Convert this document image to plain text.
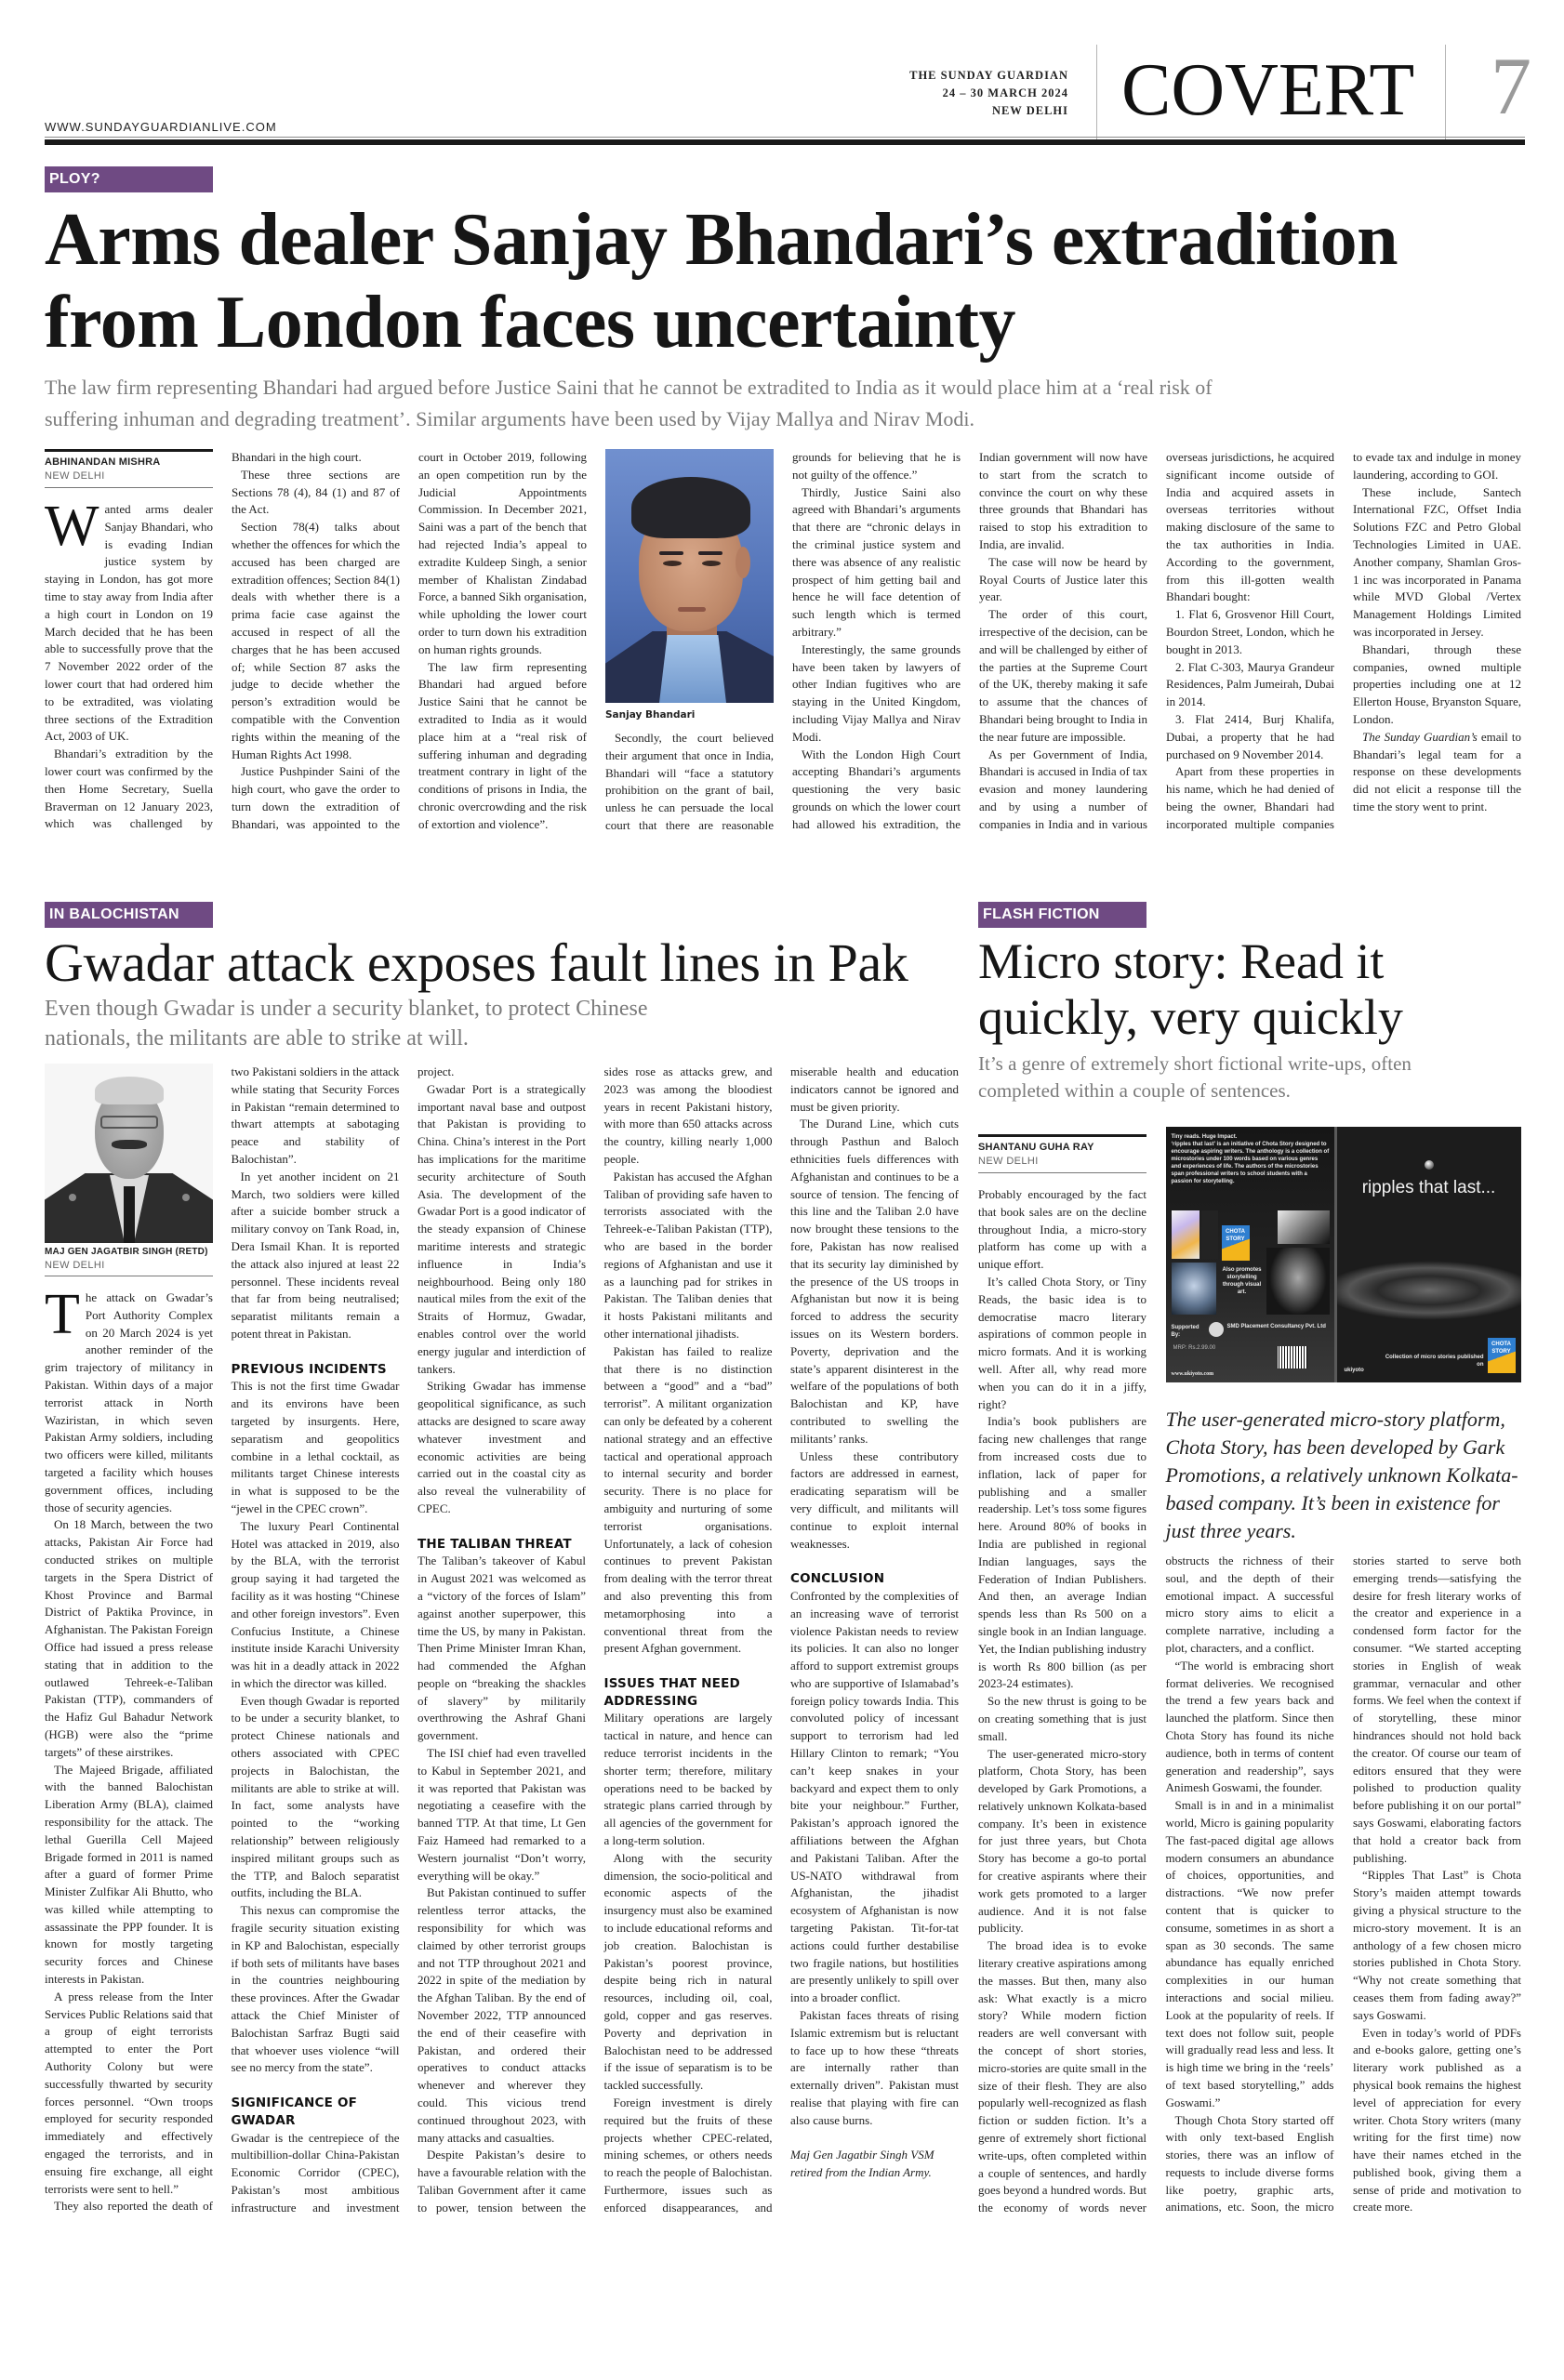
WWW.SUNDAYGUARDIANLIVE.COM
THE SUNDAY GUARDIAN
24 – 30 MARCH 2024
NEW DELHI COVERT 7
PLOY?
Arms dealer Sanjay Bhandari’s extradition
from London faces uncertainty
The law firm representing Bhandari had argued before Justice Saini that he cannot be extradited to India as it would place him at a ‘real risk of suffering inhuman and degrading treatment’. Similar arguments have been used by Vijay Mallya and Nirav Modi.
ABHINANDAN MISHRA
NEW DELHI

Wanted arms dealer Sanjay Bhandari, who is evading Indian justice system by staying in London, has got more time to stay away from India after a high court in London on 19 March decided that he has been able to successfully prove that the 7 November 2022 order of the lower court that had ordered him to be extradited, was violating three sections of the Extradition Act, 2003 of UK.

Bhandari’s extradition by the lower court was confirmed by the then Home Secretary, Suella Braverman on 12 January 2023, which was challenged by Bhandari in the high court.

These three sections are Sections 78 (4), 84 (1) and 87 of the Act.

Section 78(4) talks about whether the offences for which the accused has been charged are extradition offences; Section 84(1) deals with whether there is a prima facie case against the accused in respect of all the charges that he has been accused of; while Section 87 asks the judge to decide whether the person’s extradition would be compatible with the Convention rights within the meaning of the Human Rights Act 1998.

Justice Pushpinder Saini of the high court, who gave the order to turn down the extradition of Bhandari, was appointed to the court in October 2019, following an open competition run by the Judicial Appointments Commission. In December 2021, Saini was a part of the bench that had rejected India’s appeal to extradite Kuldeep Singh, a senior member of Khalistan Zindabad Force, a banned Sikh organisation, while upholding the lower court order to turn down his extradition on human rights grounds.

The law firm representing Bhandari had argued before Justice Saini that he cannot be extradited to India as it would place him at a “real risk of suffering inhuman and degrading treatment contrary in light of the conditions of prisons in India, the chronic overcrowding and the risk of extortion and violence”.

Secondly, the court believed their argument that once in India, Bhandari will “face a statutory prohibition on the grant of bail, unless he can persuade the local court that there are reasonable grounds for believing that he is not guilty of the offence.”

Thirdly, Justice Saini also agreed with Bhandari’s arguments that there are “chronic delays in the criminal justice system and there was absence of any realistic prospect of him getting bail and hence he will face detention of such length which is termed arbitrary.”

Interestingly, the same grounds have been taken by lawyers of other Indian fugitives who are staying in the United Kingdom, including Vijay Mallya and Nirav Modi.

With the London High Court accepting Bhandari’s arguments questioning the very basic grounds on which the lower court had allowed his extradition, the Indian government will now have to start from the scratch to convince the court on why these three grounds that Bhandari has raised to stop his extradition to India, are invalid.

The case will now be heard by Royal Courts of Justice later this year.

The order of this court, irrespective of the decision, can be and will be challenged by either of the parties at the Supreme Court of the UK, thereby making it safe to assume that the chances of Bhandari being brought to India in the near future are impossible.

As per Government of India, Bhandari is accused in India of tax evasion and money laundering and by using a number of companies in India and in various overseas jurisdictions, he acquired significant income outside of India and acquired assets in overseas territories without making disclosure of the same to the tax authorities in India. According to the government, from this ill-gotten wealth Bhandari bought:

1. Flat 6, Grosvenor Hill Court, Bourdon Street, London, which he bought in 2013.

2. Flat C-303, Maurya Grandeur Residences, Palm Jumeirah, Dubai in 2014.

3. Flat 2414, Burj Khalifa, Dubai, a property that he had purchased on 9 November 2014.

Apart from these properties in his name, which he had denied of being the owner, Bhandari had incorporated multiple companies to evade tax and indulge in money laundering, according to GOI.

These include, Santech International FZC, Offset India Solutions FZC and Petro Global Technologies Limited in UAE. Another company, Shamlan Gros-1 inc was incorporated in Panama while MVD Global /Vertex Management Holdings Limited was incorporated in Jersey.

Bhandari, through these companies, owned multiple properties including one at 12 Ellerton House, Bryanston Square, London.

The Sunday Guardian’s email to Bhandari’s legal team for a response on these developments did not elicit a response till the time the story went to print.

Sanjay Bhandari
IN BALOCHISTAN
Gwadar attack exposes fault lines in Pak
Even though Gwadar is under a security blanket, to protect Chinese nationals, the militants are able to strike at will.
MAJ GEN JAGATBIR SINGH (RETD)
NEW DELHI

The attack on Gwadar’s Port Authority Complex on 20 March 2024 is yet another reminder of the grim trajectory of militancy in Pakistan. Within days of a major terrorist attack in North Waziristan, in which seven Pakistan Army soldiers, including two officers were killed, militants targeted a facility which houses government offices, including those of security agencies.

On 18 March, between the two attacks, Pakistan Air Force had conducted strikes on multiple targets in the Spera District of Khost Province and Barmal District of Paktika Province, in Afghanistan. The Pakistan Foreign Office had issued a press release stating that in addition to the outlawed Tehreek-e-Taliban Pakistan (TTP), commanders of the Hafiz Gul Bahadur Network (HGB) were also the “prime targets” of these airstrikes.

The Majeed Brigade, affiliated with the banned Balochistan Liberation Army (BLA), claimed responsibility for the attack. The lethal Guerilla Cell Majeed Brigade formed in 2011 is named after a guard of former Prime Minister Zulfikar Ali Bhutto, who was killed while attempting to assassinate the PPP founder. It is known for mostly targeting security forces and Chinese interests in Pakistan.

A press release from the Inter Services Public Relations said that a group of eight terrorists attempted to enter the Port Authority Colony but were successfully thwarted by security forces personnel. “Own troops employed for security responded immediately and effectively engaged the terrorists, and in ensuing fire exchange, all eight terrorists were sent to hell.”

They also reported the death of two Pakistani soldiers in the attack while stating that Security Forces in Pakistan “remain determined to thwart attempts at sabotaging peace and stability of Balochistan”.

In yet another incident on 21 March, two soldiers were killed after a suicide bomber struck a military convoy on Tank Road, in, Dera Ismail Khan. It is reported the attack also injured at least 22 personnel. These incidents reveal that far from being neutralised; separatist militants remain a potent threat in Pakistan.

PREVIOUS INCIDENTS

This is not the first time Gwadar and its environs have been targeted by insurgents. Here, separatism and geopolitics combine in a lethal cocktail, as militants target Chinese interests in what is supposed to be the “jewel in the CPEC crown”.

The luxury Pearl Continental Hotel was attacked in 2019, also by the BLA, with the terrorist group saying it had targeted the facility as it was hosting “Chinese and other foreign investors”. Even Confucius Institute, a Chinese institute inside Karachi University was hit in a deadly attack in 2022 in which the director was killed.

Even though Gwadar is reported to be under a security blanket, to protect Chinese nationals and others associated with CPEC projects in Balochistan, the militants are able to strike at will. In fact, some analysts have pointed to the “working relationship” between religiously inspired militant groups such as the TTP, and Baloch separatist outfits, including the BLA.

This nexus can compromise the fragile security situation existing in KP and Balochistan, especially if both sets of militants have bases in the countries neighbouring these provinces. After the Gwadar attack the Chief Minister of Balochistan Sarfraz Bugti said that whoever uses violence “will see no mercy from the state”.

SIGNIFICANCE OF GWADAR

Gwadar is the centrepiece of the multibillion-dollar China-Pakistan Economic Corridor (CPEC), Pakistan’s most ambitious infrastructure and investment project.

Gwadar Port is a strategically important naval base and outpost that Pakistan is providing to China. China’s interest in the Port has implications for the maritime security architecture of South Asia. The development of the Gwadar Port is a good indicator of the steady expansion of Chinese maritime interests and strategic influence in India’s neighbourhood. Being only 180 nautical miles from the exit of the Straits of Hormuz, Gwadar, enables control over the world energy jugular and interdiction of tankers.

Striking Gwadar has immense geopolitical significance, as such attacks are designed to scare away whatever investment and economic activities are being carried out in the coastal city as also reveal the vulnerability of CPEC.

THE TALIBAN THREAT

The Taliban’s takeover of Kabul in August 2021 was welcomed as a “victory of the forces of Islam” against another superpower, this time the US, by many in Pakistan. Then Prime Minister Imran Khan, had commended the Afghan people on “breaking the shackles of slavery” by militarily overthrowing the Ashraf Ghani government.

The ISI chief had even travelled to Kabul in September 2021, and it was reported that Pakistan was negotiating a ceasefire with the banned TTP. At that time, Lt Gen Faiz Hameed had remarked to a Western journalist “Don’t worry, everything will be okay.”

But Pakistan continued to suffer relentless terror attacks, the responsibility for which was claimed by other terrorist groups and not TTP throughout 2021 and 2022 in spite of the mediation by the Afghan Taliban. By the end of November 2022, TTP announced the end of their ceasefire with Pakistan, and ordered their operatives to conduct attacks whenever and wherever they could. This vicious trend continued throughout 2023, with many attacks and casualties.

Despite Pakistan’s desire to have a favourable relation with the Taliban Government after it came to power, tension between the sides rose as attacks grew, and 2023 was among the bloodiest years in recent Pakistani history, with more than 650 attacks across the country, killing nearly 1,000 people.

Pakistan has accused the Afghan Taliban of providing safe haven to terrorists associated with the Tehreek-e-Taliban Pakistan (TTP), who are based in the border regions of Afghanistan and use it as a launching pad for strikes in Pakistan. The Taliban denies that it hosts Pakistani militants and other international jihadists.

Pakistan has failed to realize that there is no distinction between a “good” and a “bad” terrorist”. A militant organization can only be defeated by a coherent national strategy and an effective tactical and operational approach to internal security and border security. There is no place for ambiguity and nurturing of some terrorist organisations. Unfortunately, a lack of cohesion continues to prevent Pakistan from dealing with the terror threat and also preventing this from metamorphosing into a conventional threat from the present Afghan government.

ISSUES THAT NEED ADDRESSING

Military operations are largely tactical in nature, and hence can reduce terrorist incidents in the shorter term; therefore, military operations need to be backed by strategic plans carried through by all agencies of the government for a long-term solution.

Along with the security dimension, the socio-political and economic aspects of the insurgency must also be examined to include educational reforms and job creation. Balochistan is Pakistan’s poorest province, despite being rich in natural resources, including oil, coal, gold, copper and gas reserves. Poverty and deprivation in Balochistan need to be addressed if the issue of separatism is to be tackled successfully.

Foreign investment is direly required but the fruits of these projects whether CPEC-related, mining schemes, or others needs to reach the people of Balochistan. Furthermore, issues such as enforced disappearances, and miserable health and education indicators cannot be ignored and must be given priority.

The Durand Line, which cuts through Pasthun and Baloch ethnicities fuels differences with Afghanistan and continues to be a source of tension. The fencing of this line and the Taliban 2.0 have now brought these tensions to the fore, Pakistan has now realised that its security lay diminished by the presence of the US troops in Afghanistan but now it is being forced to address the security issues on its Western borders. Poverty, deprivation and the state’s apparent disinterest in the welfare of the populations of both Balochistan and KP, have contributed to swelling the militants’ ranks.

Unless these contributory factors are addressed in earnest, eradicating separatism will be very difficult, and militants will continue to exploit internal weaknesses.

CONCLUSION

Confronted by the complexities of an increasing wave of terrorist violence Pakistan needs to review its policies. It can also no longer afford to support extremist groups who are supportive of Islamabad’s foreign policy towards India. This convoluted policy of incessant support to terrorism had led Hillary Clinton to remark; “You can’t keep snakes in your backyard and expect them to only bite your neighbour.” Further, Pakistan’s approach ignored the affiliations between the Afghan and Pakistani Taliban. After the US-NATO withdrawal from Afghanistan, the jihadist ecosystem of Afghanistan is now targeting Pakistan. Tit-for-tat actions could further destabilise two fragile nations, but hostilities are presently unlikely to spill over into a broader conflict.

Pakistan faces threats of rising Islamic extremism but is reluctant to face up to how these “threats are internally rather than externally driven”. Pakistan must realise that playing with fire can also cause burns.

Maj Gen Jagatbir Singh VSM retired from the Indian Army.

FLASH FICTION
Micro story: Read it quickly, very quickly
It’s a genre of extremely short fictional write-ups, often completed within a couple of sentences.
SHANTANU GUHA RAY
NEW DELHI

Probably encouraged by the fact that book sales are on the decline throughout India, a micro-story platform has come up with a unique effort.

It’s called Chota Story, or Tiny Reads, the basic idea is to democratise macro literary aspirations of common people in micro formats. And it is working well. After all, why read more when you can do it in a jiffy, right?

India’s book publishers are facing new challenges that range from increased costs due to inflation, lack of paper for publishing and a smaller readership. Let’s toss some figures here. Around 80% of books in India are published in regional Indian languages, says the Federation of Indian Publishers. And then, an average Indian spends less than Rs 500 on a single book in an Indian language. Yet, the Indian publishing industry is worth Rs 800 billion (as per 2023-24 estimates).

So the new thrust is going to be on creating something that is just small.

The user-generated micro-story platform, Chota Story, has been developed by Gark Promotions, a relatively unknown Kolkata-based company. It’s been in existence for just three years, but Chota Story has become a go-to portal for creative aspirants where their work gets promoted to a larger audience. And it is not false publicity.

The broad idea is to evoke literary creative aspirations among the masses. But then, many also ask: What exactly is a micro story? While modern fiction readers are well conversant with the concept of short stories, micro-stories are quite small in the size of their flesh. They are also popularly well-recognized as flash fiction or sudden fiction. It’s a genre of extremely short fictional write-ups, often completed within a couple of sentences, and hardly goes beyond a hundred words. But the economy of words never obstructs the richness of their soul, and the depth of their emotional impact. A successful micro story aims to elicit a complete narrative, including a plot, characters, and a conflict.

“The world is embracing short format deliveries. We recognised the trend a few years back and launched the platform. Since then Chota Story has found its niche audience, both in terms of content generation and readership”, says Animesh Goswami, the founder.

Small is in and in a minimalist world, Micro is gaining popularity The fast-paced digital age allows modern consumers an abundance of choices, opportunities, and distractions. “We now prefer content that is quicker to consume, sometimes in as short a span as 30 seconds. The same abundance has equally enriched complexities in our human interactions and social milieu. Look at the popularity of reels. If text does not follow suit, people will gradually read less and less. It is high time we bring in the ‘reels’ of text based storytelling,” adds Goswami.”

Though Chota Story started off with only text-based English stories, there was an inflow of requests to include diverse forms like poetry, graphic arts, animations, etc. Soon, the micro stories started to serve both emerging trends—satisfying the desire for fresh literary works of the creator and experience in a condensed form factor for the consumer. “We started accepting stories in English of weak grammar, vernacular and other forms. We feel when the context if of storytelling, these minor hindrances should not hold back the creator. Of course our team of editors ensured that they were polished to production quality before publishing it on our portal” says Goswami, elaborating factors that hold a creator back from publishing.

“Ripples That Last” is Chota Story’s maiden attempt towards giving a physical structure to the micro-story movement. It is an anthology of a few chosen micro stories published in Chota Story. “Why not create something that ceases them from fading away?” says Goswami.

Even in today’s world of PDFs and e-books galore, getting one’s literary work published as a physical book remains the highest level of appreciation for every writer. Chota Story writers (many writing for the first time) now have their names etched in the published book, giving them a sense of pride and motivation to create more.

Tiny reads. Huge Impact.
‘ripples that last’ is an initiative of Chota Story designed to encourage aspiring writers. The anthology is a collection of microstories under 100 words based on various genres and experiences of life. The authors of the microstories span professional writers to school students with a passion for storytelling.
CHOTA STORY
Also promotes storytelling through visual art.
Supported By:
SMD Placement Consultancy Pvt. Ltd
MRP: Rs.2.99.00
www.ukiyoto.com
ripples that last...
Collection of micro stories published on
ukiyoto
CHOTA STORY
The user-generated micro-story platform, Chota Story, has been developed by Gark Promotions, a relatively unknown Kolkata-based company. It’s been in existence for just three years.
